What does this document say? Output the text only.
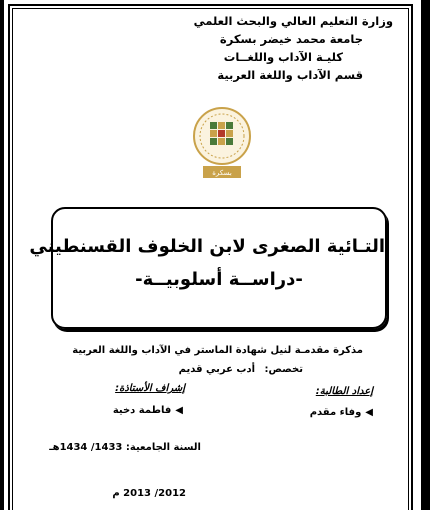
وزارة التعليم العالي والبحث العلمي
جامعة محمد خيضر بسكرة
كليـة الآداب واللغــات
قسم الآداب واللغة العربية
بسكرة
التـائية الصغرى لابن الخلوف القسنطيني
-دراســة أسلوبيــة-
مذكرة مقدمـة لنيل شهادة الماستر في الآداب واللغة العربية
تخصص: أدب عربي قديم
إعداد الطالبة:
إشراف الأستاذة:
◀وفاء مقدم
◀فاطمة دخية
السنة الجامعية: 1433/ 1434هـ
2012/ 2013 م
